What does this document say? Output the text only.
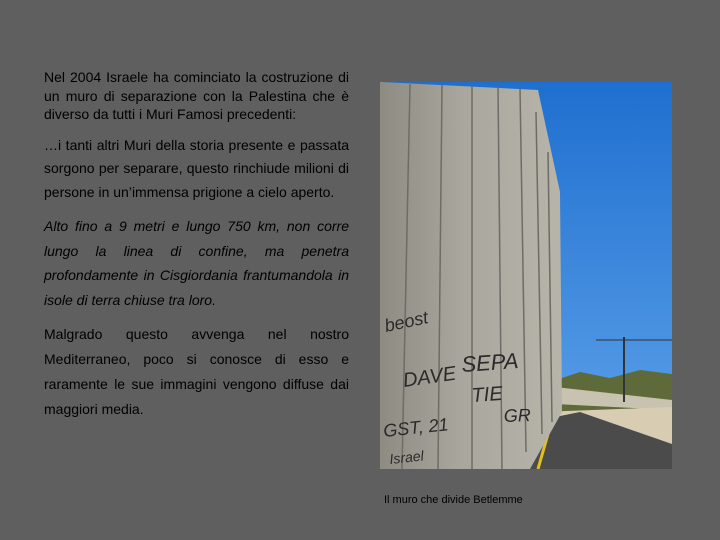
Nel 2004 Israele ha cominciato la costruzione di un muro di separazione con la Palestina che è diverso da tutti i Muri Famosi precedenti:

…i tanti altri Muri della storia presente e passata sorgono per separare, questo rinchiude milioni di persone in un’immensa prigione a cielo aperto.

Alto fino a 9 metri e lungo 750 km, non corre lungo la linea di confine, ma penetra profondamente in Cisgiordania frantumandola in isole di terra chiuse tra loro.

Malgrado questo avvenga nel nostro Mediterraneo, poco si conosce di esso e raramente le sue immagini vengono diffuse dai maggiori media.

beost
DAVE
GST, 21
Israel
SEPA
TIE
GR
Il muro che divide Betlemme
